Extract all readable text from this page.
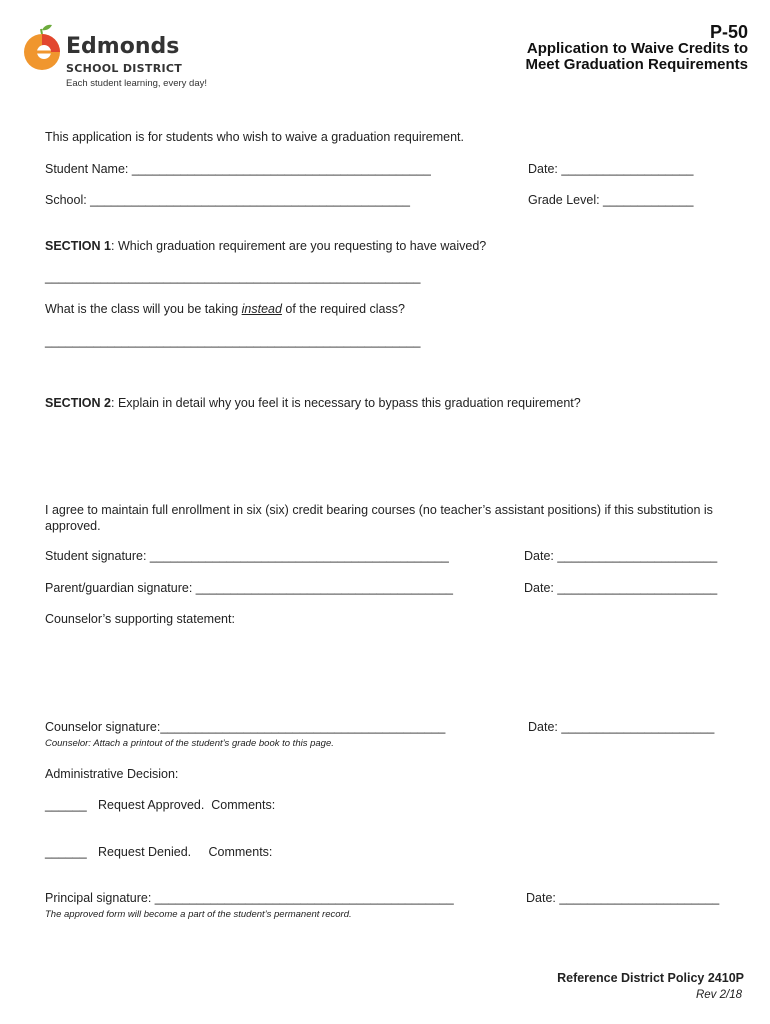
Edmonds
SCHOOL DISTRICT
Each student learning, every day!
P-50
Application to Waive Credits to
Meet Graduation Requirements
This application is for students who wish to waive a graduation requirement.
Student Name: ___________________________________________	Date: ___________________
School: ______________________________________________	Grade Level: _____________
SECTION 1: Which graduation requirement are you requesting to have waived?
______________________________________________________
What is the class will you be taking instead of the required class?
______________________________________________________
SECTION 2: Explain in detail why you feel it is necessary to bypass this graduation requirement?
I agree to maintain full enrollment in six (six) credit bearing courses (no teacher’s assistant positions) if this substitution is
approved.
Student signature: ___________________________________________	Date: _______________________
Parent/guardian signature: _____________________________________	Date: _______________________
Counselor’s supporting statement:
Counselor signature:_________________________________________	Date: ______________________
Counselor: Attach a printout of the student’s grade book to this page.
Administrative Decision:
______ Request Approved.  Comments:
______ Request Denied.     Comments:
Principal signature: ___________________________________________	Date: _______________________
The approved form will become a part of the student’s permanent record.
Reference District Policy 2410P
Rev 2/18
